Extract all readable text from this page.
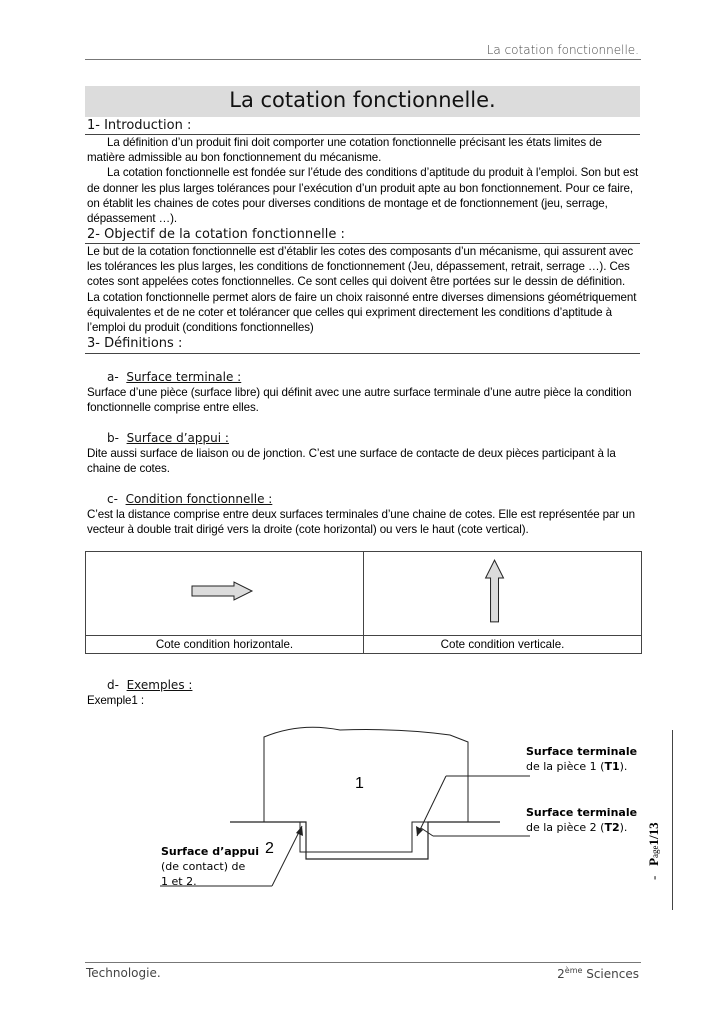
La cotation fonctionnelle.
La cotation fonctionnelle.
1- Introduction :

La définition d’un produit fini doit comporter une cotation fonctionnelle précisant les états limites de matière admissible au bon fonctionnement du mécanisme.

La cotation fonctionnelle est fondée sur l’étude des conditions d’aptitude du produit à l’emploi. Son but est de donner les plus larges tolérances pour l’exécution d’un produit apte au bon fonctionnement. Pour ce faire, on établit les chaines de cotes pour diverses conditions de montage et de fonctionnement (jeu, serrage, dépassement …).

2- Objectif de la cotation fonctionnelle :

Le but de la cotation fonctionnelle est d’établir les cotes des composants d’un mécanisme, qui assurent avec les tolérances les plus larges, les conditions de fonctionnement (Jeu, dépassement, retrait, serrage …). Ces cotes sont appelées cotes fonctionnelles. Ce sont celles qui doivent être portées sur le dessin de définition.

La cotation fonctionnelle permet alors de faire un choix raisonné entre diverses dimensions géométriquement équivalentes et de ne coter et tolérancer que celles qui expriment directement les conditions d’aptitude à l’emploi du produit (conditions fonctionnelles)

3- Définitions :
a- Surface terminale :
Surface d’une pièce (surface libre) qui définit avec une autre surface terminale d’une autre pièce la condition fonctionnelle comprise entre elles.
b- Surface d’appui :
Dite aussi surface de liaison ou de jonction. C’est une surface de contacte de deux pièces participant à la chaine de cotes.
c- Condition fonctionnelle :
C’est la distance comprise entre deux surfaces terminales d’une chaine de cotes. Elle est représentée par un vecteur à double trait dirigé vers la droite (cote horizontal) ou vers le haut (cote vertical).

Cote condition horizontale.	Cote condition verticale.
d- Exemples :
Exemple1 :
1
2
Surface terminale
de la pièce 1 (T1).
Surface terminale
de la pièce 2 (T2).
Surface d’appui
(de contact) de
1 et 2.	-   Page1/13
Technologie.	2ème Sciences
